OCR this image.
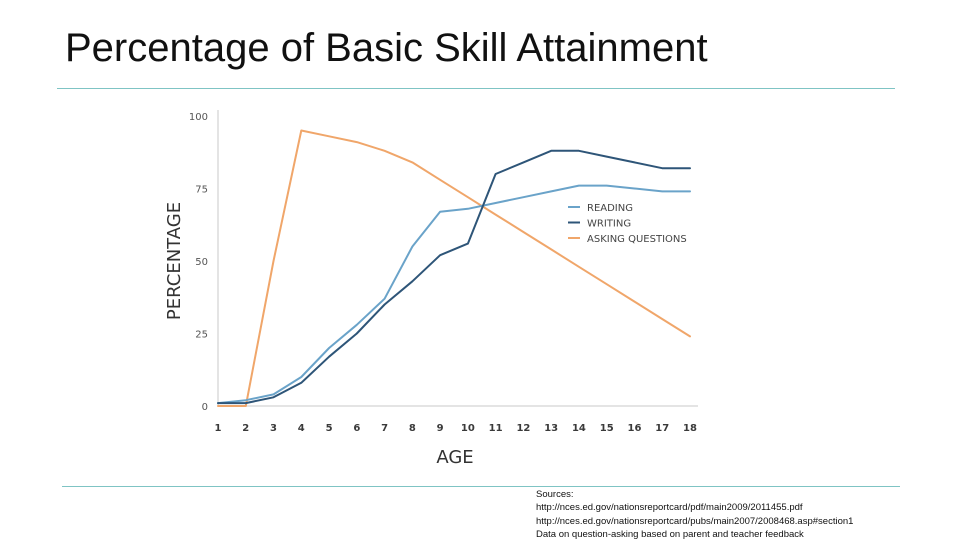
Percentage of Basic Skill Attainment
0
25
50
75
100
1 2 3 4 5 6 7 8 9 10 11 12 13 14 15 16 17 18
READING
WRITING
ASKING QUESTIONS
AGE
PERCENTAGE
Sources:
http://nces.ed.gov/nationsreportcard/pdf/main2009/2011455.pdf
http://nces.ed.gov/nationsreportcard/pubs/main2007/2008468.asp#section1
Data on question-asking based on parent and teacher feedback
